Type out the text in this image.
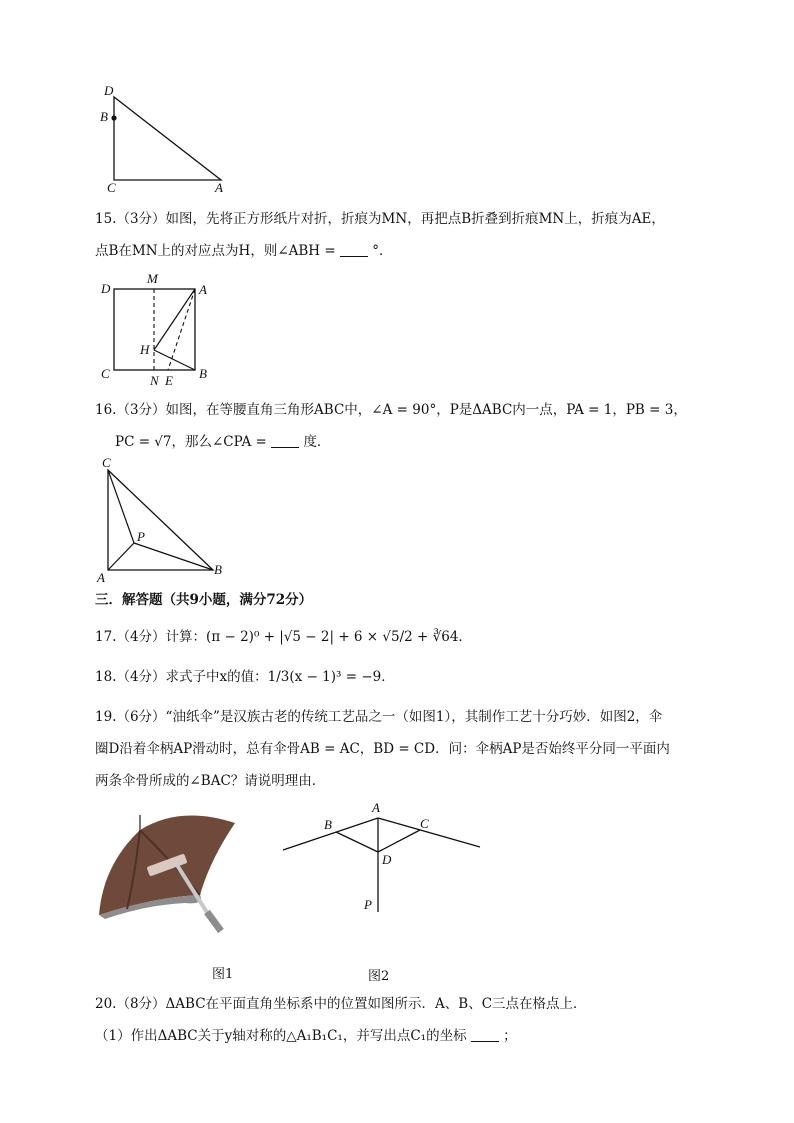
D
B
C	A
15.（3分）如图，先将正方形纸片对折，折痕为MN，再把点B折叠到折痕MN上，折痕为AE，
点B在MN上的对应点为H，则∠ABH =	°．
M
D	A
H
C	N E B
16.（3分）如图，在等腰直角三角形ABC中，∠A = 90°，P是ΔABC内一点，PA = 1，PB = 3，
PC = √7，那么∠CPA =	度．
C
P
A
B
三．解答题（共9小题，满分72分）
17.（4分）计算：(π − 2)⁰ + |√5 − 2| + 6 × √5/2 + ∛64．
18.（4分）求式子中x的值：1/3(x − 1)³ = −9．
19.（6分）“油纸伞”是汉族古老的传统工艺品之一（如图1），其制作工艺十分巧妙．如图2，伞
圈D沿着伞柄AP滑动时，总有伞骨AB = AC，BD = CD．问：伞柄AP是否始终平分同一平面内
两条伞骨所成的∠BAC？请说明理由．
A
B	C
D
P
图1	图2
20.（8分）ΔABC在平面直角坐标系中的位置如图所示．A、B、C三点在格点上．
（1）作出ΔABC关于y轴对称的△A₁B₁C₁，并写出点C₁的坐标	；
